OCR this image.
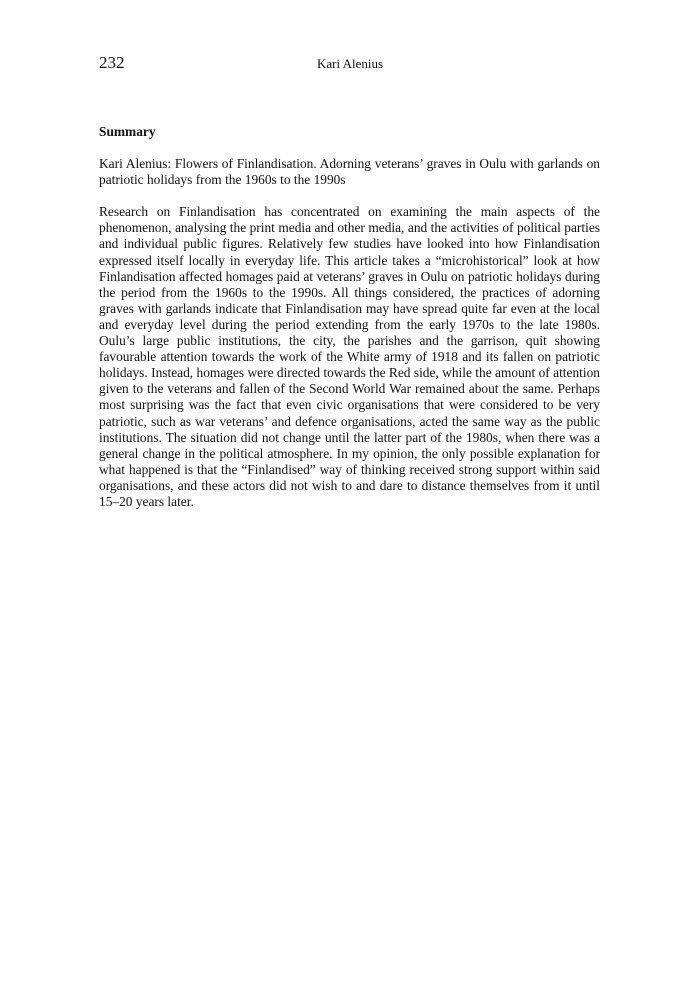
232	Kari Alenius
Summary

Kari Alenius: Flowers of Finlandisation. Adorning veterans’ graves in Oulu with garlands on patriotic holidays from the 1960s to the 1990s

Research on Finlandisation has concentrated on examining the main aspects of the phenomenon, analysing the print media and other media, and the activities of political parties and individual public figures. Relatively few studies have looked into how Finlandisation expressed itself locally in everyday life. This article takes a “microhistorical” look at how Finlandisation affected homages paid at veterans’ graves in Oulu on patriotic holidays during the period from the 1960s to the 1990s. All things considered, the practices of adorning graves with garlands indicate that Finlandisation may have spread quite far even at the local and everyday level during the period extending from the early 1970s to the late 1980s. Oulu’s large public institutions, the city, the parishes and the garrison, quit showing favourable attention towards the work of the White army of 1918 and its fallen on patriotic holidays. Instead, homages were directed towards the Red side, while the amount of attention given to the veterans and fallen of the Second World War remained about the same. Perhaps most surprising was the fact that even civic organisations that were considered to be very patriotic, such as war veterans’ and defence organisations, acted the same way as the public institutions. The situation did not change until the latter part of the 1980s, when there was a general change in the political atmosphere. In my opinion, the only possible explanation for what happened is that the “Finlandised” way of thinking received strong support within said organisations, and these actors did not wish to and dare to distance themselves from it until 15–20 years later.
